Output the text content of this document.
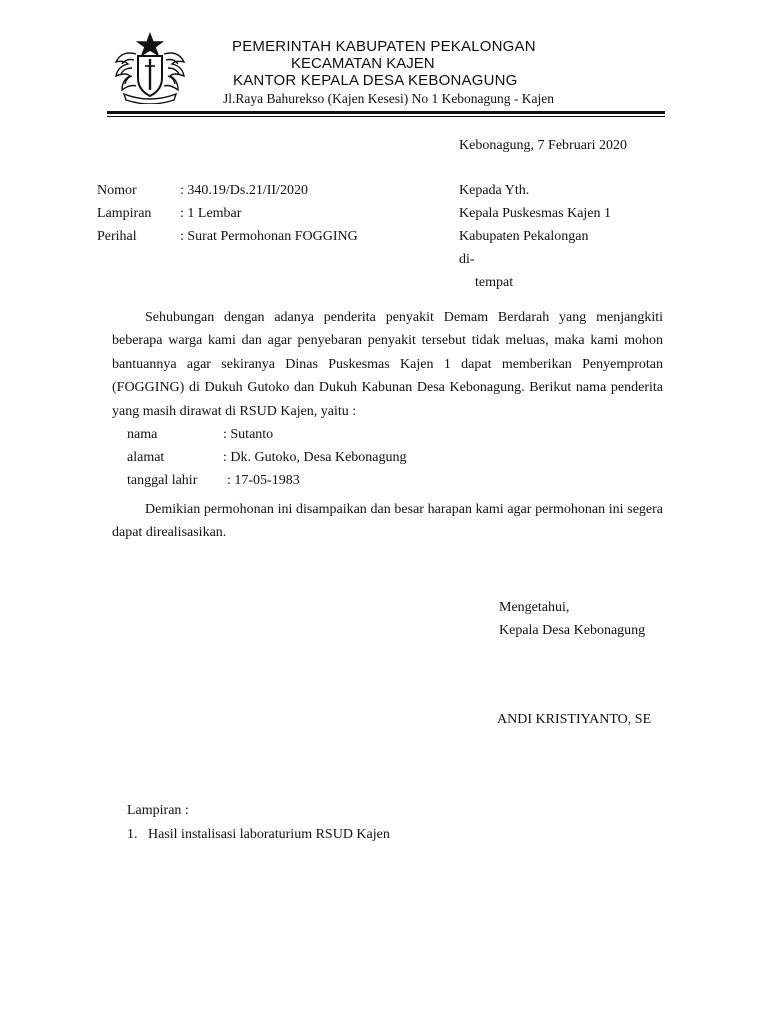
PEMERINTAH KABUPATEN PEKALONGAN
KECAMATAN KAJEN
KANTOR KEPALA DESA KEBONAGUNG
Jl.Raya Bahurekso (Kajen Kesesi) No 1 Kebonagung - Kajen
Kebonagung, 7 Februari 2020
Nomor	: 340.19/Ds.21/II/2020
Lampiran : 1 Lembar
Perihal	: Surat Permohonan FOGGING
Kepada Yth.
Kepala Puskesmas Kajen 1
Kabupaten Pekalongan
di-
tempat

Sehubungan dengan adanya penderita penyakit Demam Berdarah yang menjangkiti beberapa warga kami dan agar penyebaran penyakit tersebut tidak meluas, maka kami mohon bantuannya agar sekiranya Dinas Puskesmas Kajen 1 dapat memberikan Penyemprotan (FOGGING) di Dukuh Gutoko dan Dukuh Kabunan Desa Kebonagung. Berikut nama penderita yang masih dirawat di RSUD Kajen, yaitu :

nama	: Sutanto
alamat	: Dk. Gutoko, Desa Kebonagung
tanggal lahir : 17-05-1983

Demikian permohonan ini disampaikan dan besar harapan kami agar permohonan ini segera dapat direalisasikan.

Mengetahui,
Kepala Desa Kebonagung
ANDI KRISTIYANTO, SE
Lampiran :
1.   Hasil instalisasi laboraturium RSUD Kajen
